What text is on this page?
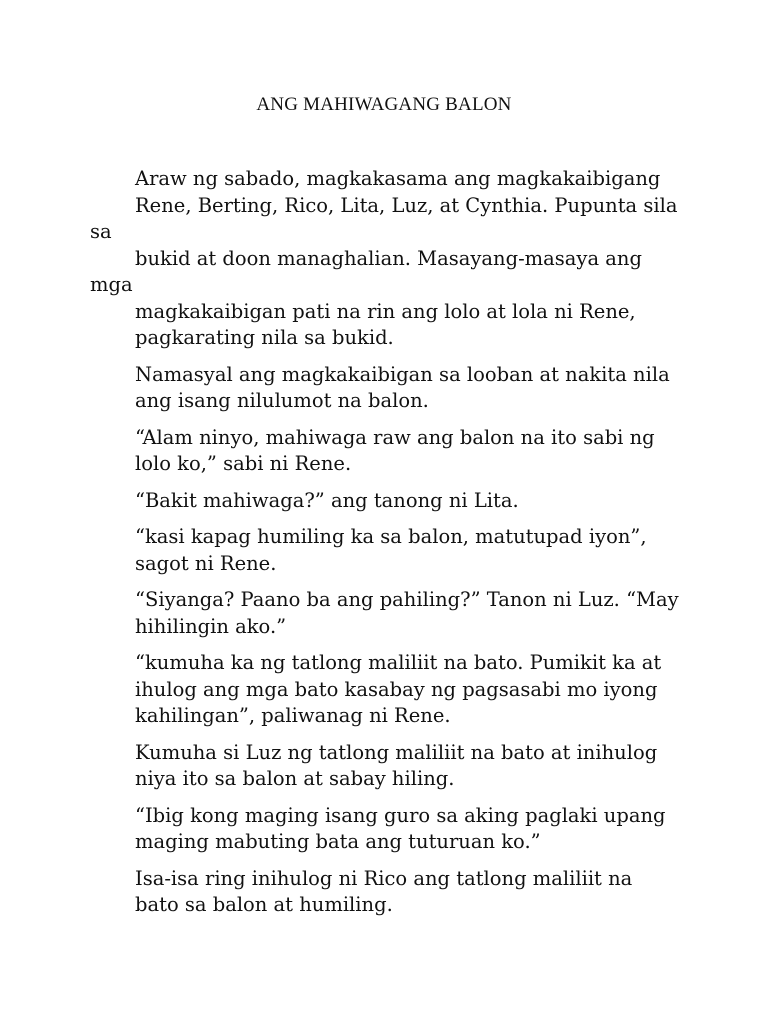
ANG MAHIWAGANG BALON

Araw ng sabado, magkakasama ang magkakaibigang
Rene, Berting, Rico, Lita, Luz, at Cynthia. Pupunta sila sa
bukid at doon managhalian. Masayang-masaya ang mga
magkakaibigan pati na rin ang lolo at lola ni Rene,
pagkarating nila sa bukid.

Namasyal ang magkakaibigan sa looban at nakita nila
ang isang nilulumot na balon.

“Alam ninyo, mahiwaga raw ang balon na ito sabi ng
lolo ko,” sabi ni Rene.

“Bakit mahiwaga?” ang tanong ni Lita.

“kasi kapag humiling ka sa balon, matutupad iyon”,
sagot ni Rene.

“Siyanga? Paano ba ang pahiling?” Tanon ni Luz. “May
hihilingin ako.”

“kumuha ka ng tatlong maliliit na bato. Pumikit ka at
ihulog ang mga bato kasabay ng pagsasabi mo iyong
kahilingan”, paliwanag ni Rene.

Kumuha si Luz ng tatlong maliliit na bato at inihulog
niya ito sa balon at sabay hiling.

“Ibig kong maging isang guro sa aking paglaki upang
maging mabuting bata ang tuturuan ko.”

Isa-isa ring inihulog ni Rico ang tatlong maliliit na
bato sa balon at humiling.
